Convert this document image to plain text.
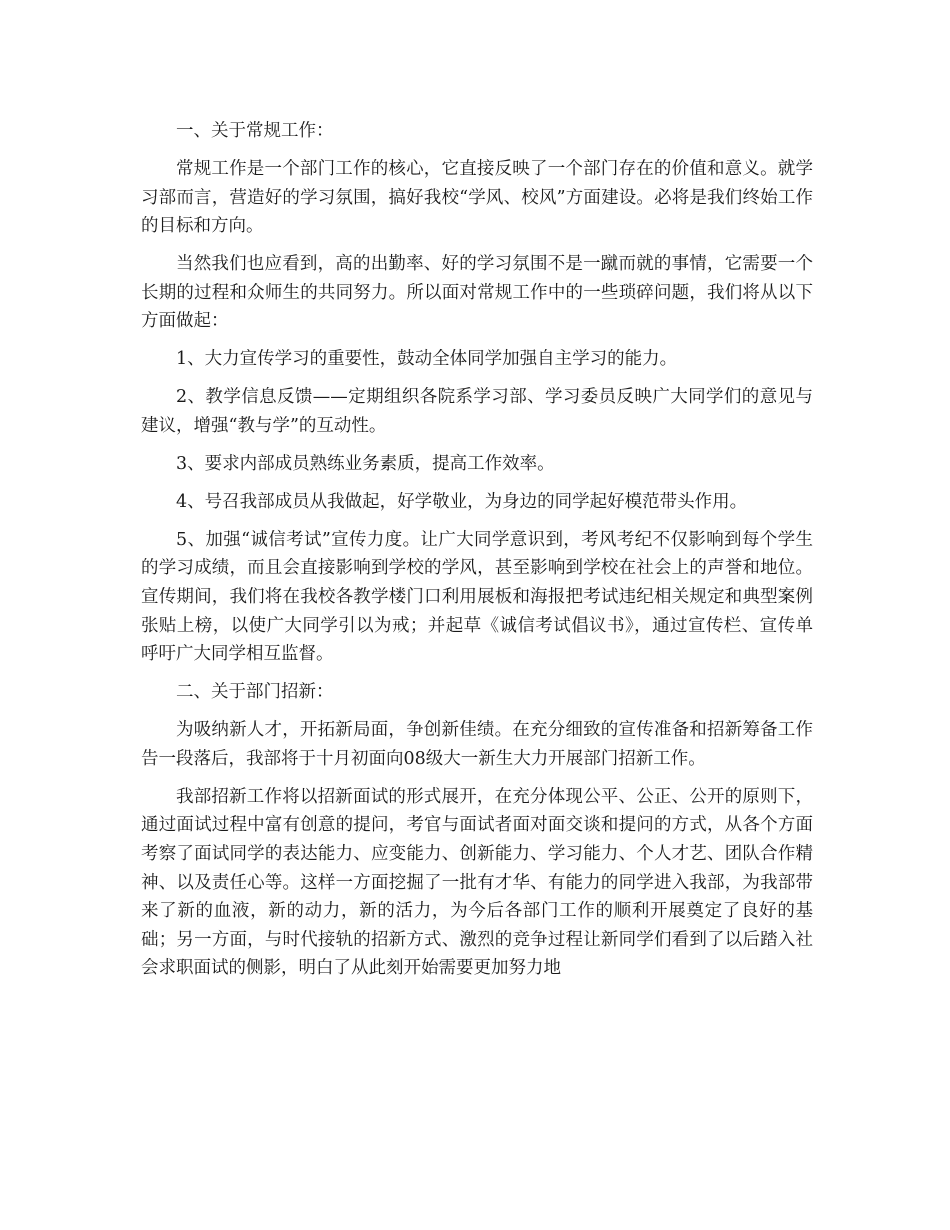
一、关于常规工作：

常规工作是一个部门工作的核心，它直接反映了一个部门存在的价值和意义。就学习部而言，营造好的学习氛围，搞好我校“学风、校风”方面建设。必将是我们终始工作的目标和方向。

当然我们也应看到，高的出勤率、好的学习氛围不是一蹴而就的事情，它需要一个长期的过程和众师生的共同努力。所以面对常规工作中的一些琐碎问题，我们将从以下方面做起：

1、大力宣传学习的重要性，鼓动全体同学加强自主学习的能力。

2、教学信息反馈——定期组织各院系学习部、学习委员反映广大同学们的意见与建议，增强“教与学”的互动性。

3、要求内部成员熟练业务素质，提高工作效率。

4、号召我部成员从我做起，好学敬业，为身边的同学起好模范带头作用。

5、加强“诚信考试”宣传力度。让广大同学意识到，考风考纪不仅影响到每个学生的学习成绩，而且会直接影响到学校的学风，甚至影响到学校在社会上的声誉和地位。宣传期间，我们将在我校各教学楼门口利用展板和海报把考试违纪相关规定和典型案例张贴上榜，以使广大同学引以为戒；并起草《诚信考试倡议书》，通过宣传栏、宣传单呼吁广大同学相互监督。

二、关于部门招新：

为吸纳新人才，开拓新局面，争创新佳绩。在充分细致的宣传准备和招新筹备工作告一段落后，我部将于十月初面向08级大一新生大力开展部门招新工作。

我部招新工作将以招新面试的形式展开，在充分体现公平、公正、公开的原则下，通过面试过程中富有创意的提问，考官与面试者面对面交谈和提问的方式，从各个方面考察了面试同学的表达能力、应变能力、创新能力、学习能力、个人才艺、团队合作精神、以及责任心等。这样一方面挖掘了一批有才华、有能力的同学进入我部，为我部带来了新的血液，新的动力，新的活力，为今后各部门工作的顺利开展奠定了良好的基础；另一方面，与时代接轨的招新方式、激烈的竞争过程让新同学们看到了以后踏入社会求职面试的侧影，明白了从此刻开始需要更加努力地
